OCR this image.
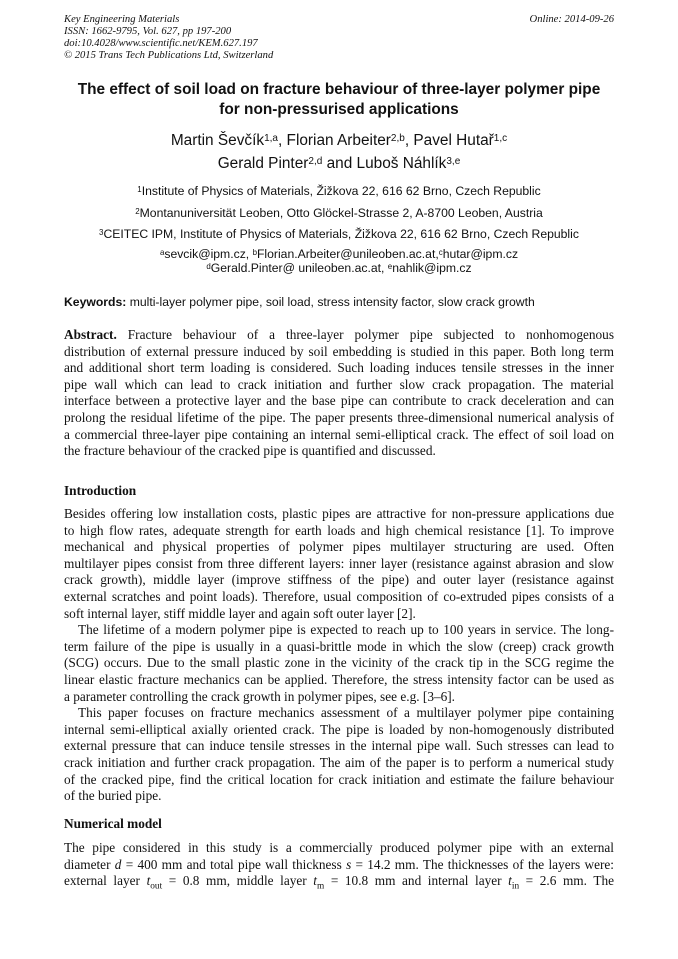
Key Engineering Materials
ISSN: 1662-9795, Vol. 627, pp 197-200
doi:10.4028/www.scientific.net/KEM.627.197
© 2015 Trans Tech Publications Ltd, Switzerland
Online: 2014-09-26
The effect of soil load on fracture behaviour of three-layer polymer pipe
for non-pressurised applications
Martin Ševčík$^{1,a}$, Florian Arbeiter$^{2,b}$, Pavel Hutař$^{1,c}$
Gerald Pinter$^{2,d}$ and Luboš Náhlík$^{3,e}$
$^1$Institute of Physics of Materials, Žižkova 22, 616 62 Brno, Czech Republic
$^2$Montanuniversität Leoben, Otto Glöckel-Strasse 2, A-8700 Leoben, Austria
$^3$CEITEC IPM, Institute of Physics of Materials, Žižkova 22, 616 62 Brno, Czech Republic
$^a$sevcik@ipm.cz, $^b$Florian.Arbeiter@unileoben.ac.at,$^c$hutar@ipm.cz
$^d$Gerald.Pinter@ unileoben.ac.at, $^e$nahlik@ipm.cz
Keywords: multi-layer polymer pipe, soil load, stress intensity factor, slow crack growth
Abstract. Fracture behaviour of a three-layer polymer pipe subjected to nonhomogenous
distribution of external pressure induced by soil embedding is studied in this paper. Both long term
and additional short term loading is considered. Such loading induces tensile stresses in the inner
pipe wall which can lead to crack initiation and further slow crack propagation. The material
interface between a protective layer and the base pipe can contribute to crack deceleration and can
prolong the residual lifetime of the pipe. The paper presents three-dimensional numerical analysis of
a commercial three-layer pipe containing an internal semi-elliptical crack. The effect of soil load on
the fracture behaviour of the cracked pipe is quantified and discussed.
Introduction
Besides offering low installation costs, plastic pipes are attractive for non-pressure applications due
to high flow rates, adequate strength for earth loads and high chemical resistance [1]. To improve
mechanical and physical properties of polymer pipes multilayer structuring are used. Often
multilayer pipes consist from three different layers: inner layer (resistance against abrasion and slow
crack growth), middle layer (improve stiffness of the pipe) and outer layer (resistance against
external scratches and point loads). Therefore, usual composition of co-extruded pipes consists of a
soft internal layer, stiff middle layer and again soft outer layer [2].
The lifetime of a modern polymer pipe is expected to reach up to 100 years in service. The long-
term failure of the pipe is usually in a quasi-brittle mode in which the slow (creep) crack growth
(SCG) occurs. Due to the small plastic zone in the vicinity of the crack tip in the SCG regime the
linear elastic fracture mechanics can be applied. Therefore, the stress intensity factor can be used as
a parameter controlling the crack growth in polymer pipes, see e.g. [3–6].
This paper focuses on fracture mechanics assessment of a multilayer polymer pipe containing
internal semi-elliptical axially oriented crack. The pipe is loaded by non-homogenously distributed
external pressure that can induce tensile stresses in the internal pipe wall. Such stresses can lead to
crack initiation and further crack propagation. The aim of the paper is to perform a numerical study
of the cracked pipe, find the critical location for crack initiation and estimate the failure behaviour
of the buried pipe.
Numerical model
The pipe considered in this study is a commercially produced polymer pipe with an external
diameter d = 400 mm and total pipe wall thickness s = 14.2 mm. The thicknesses of the layers were:
external layer $t_{out} = 0.8$ mm, middle layer $t_m = 10.8$ mm and internal layer $t_{in} = 2.6$ mm. The
